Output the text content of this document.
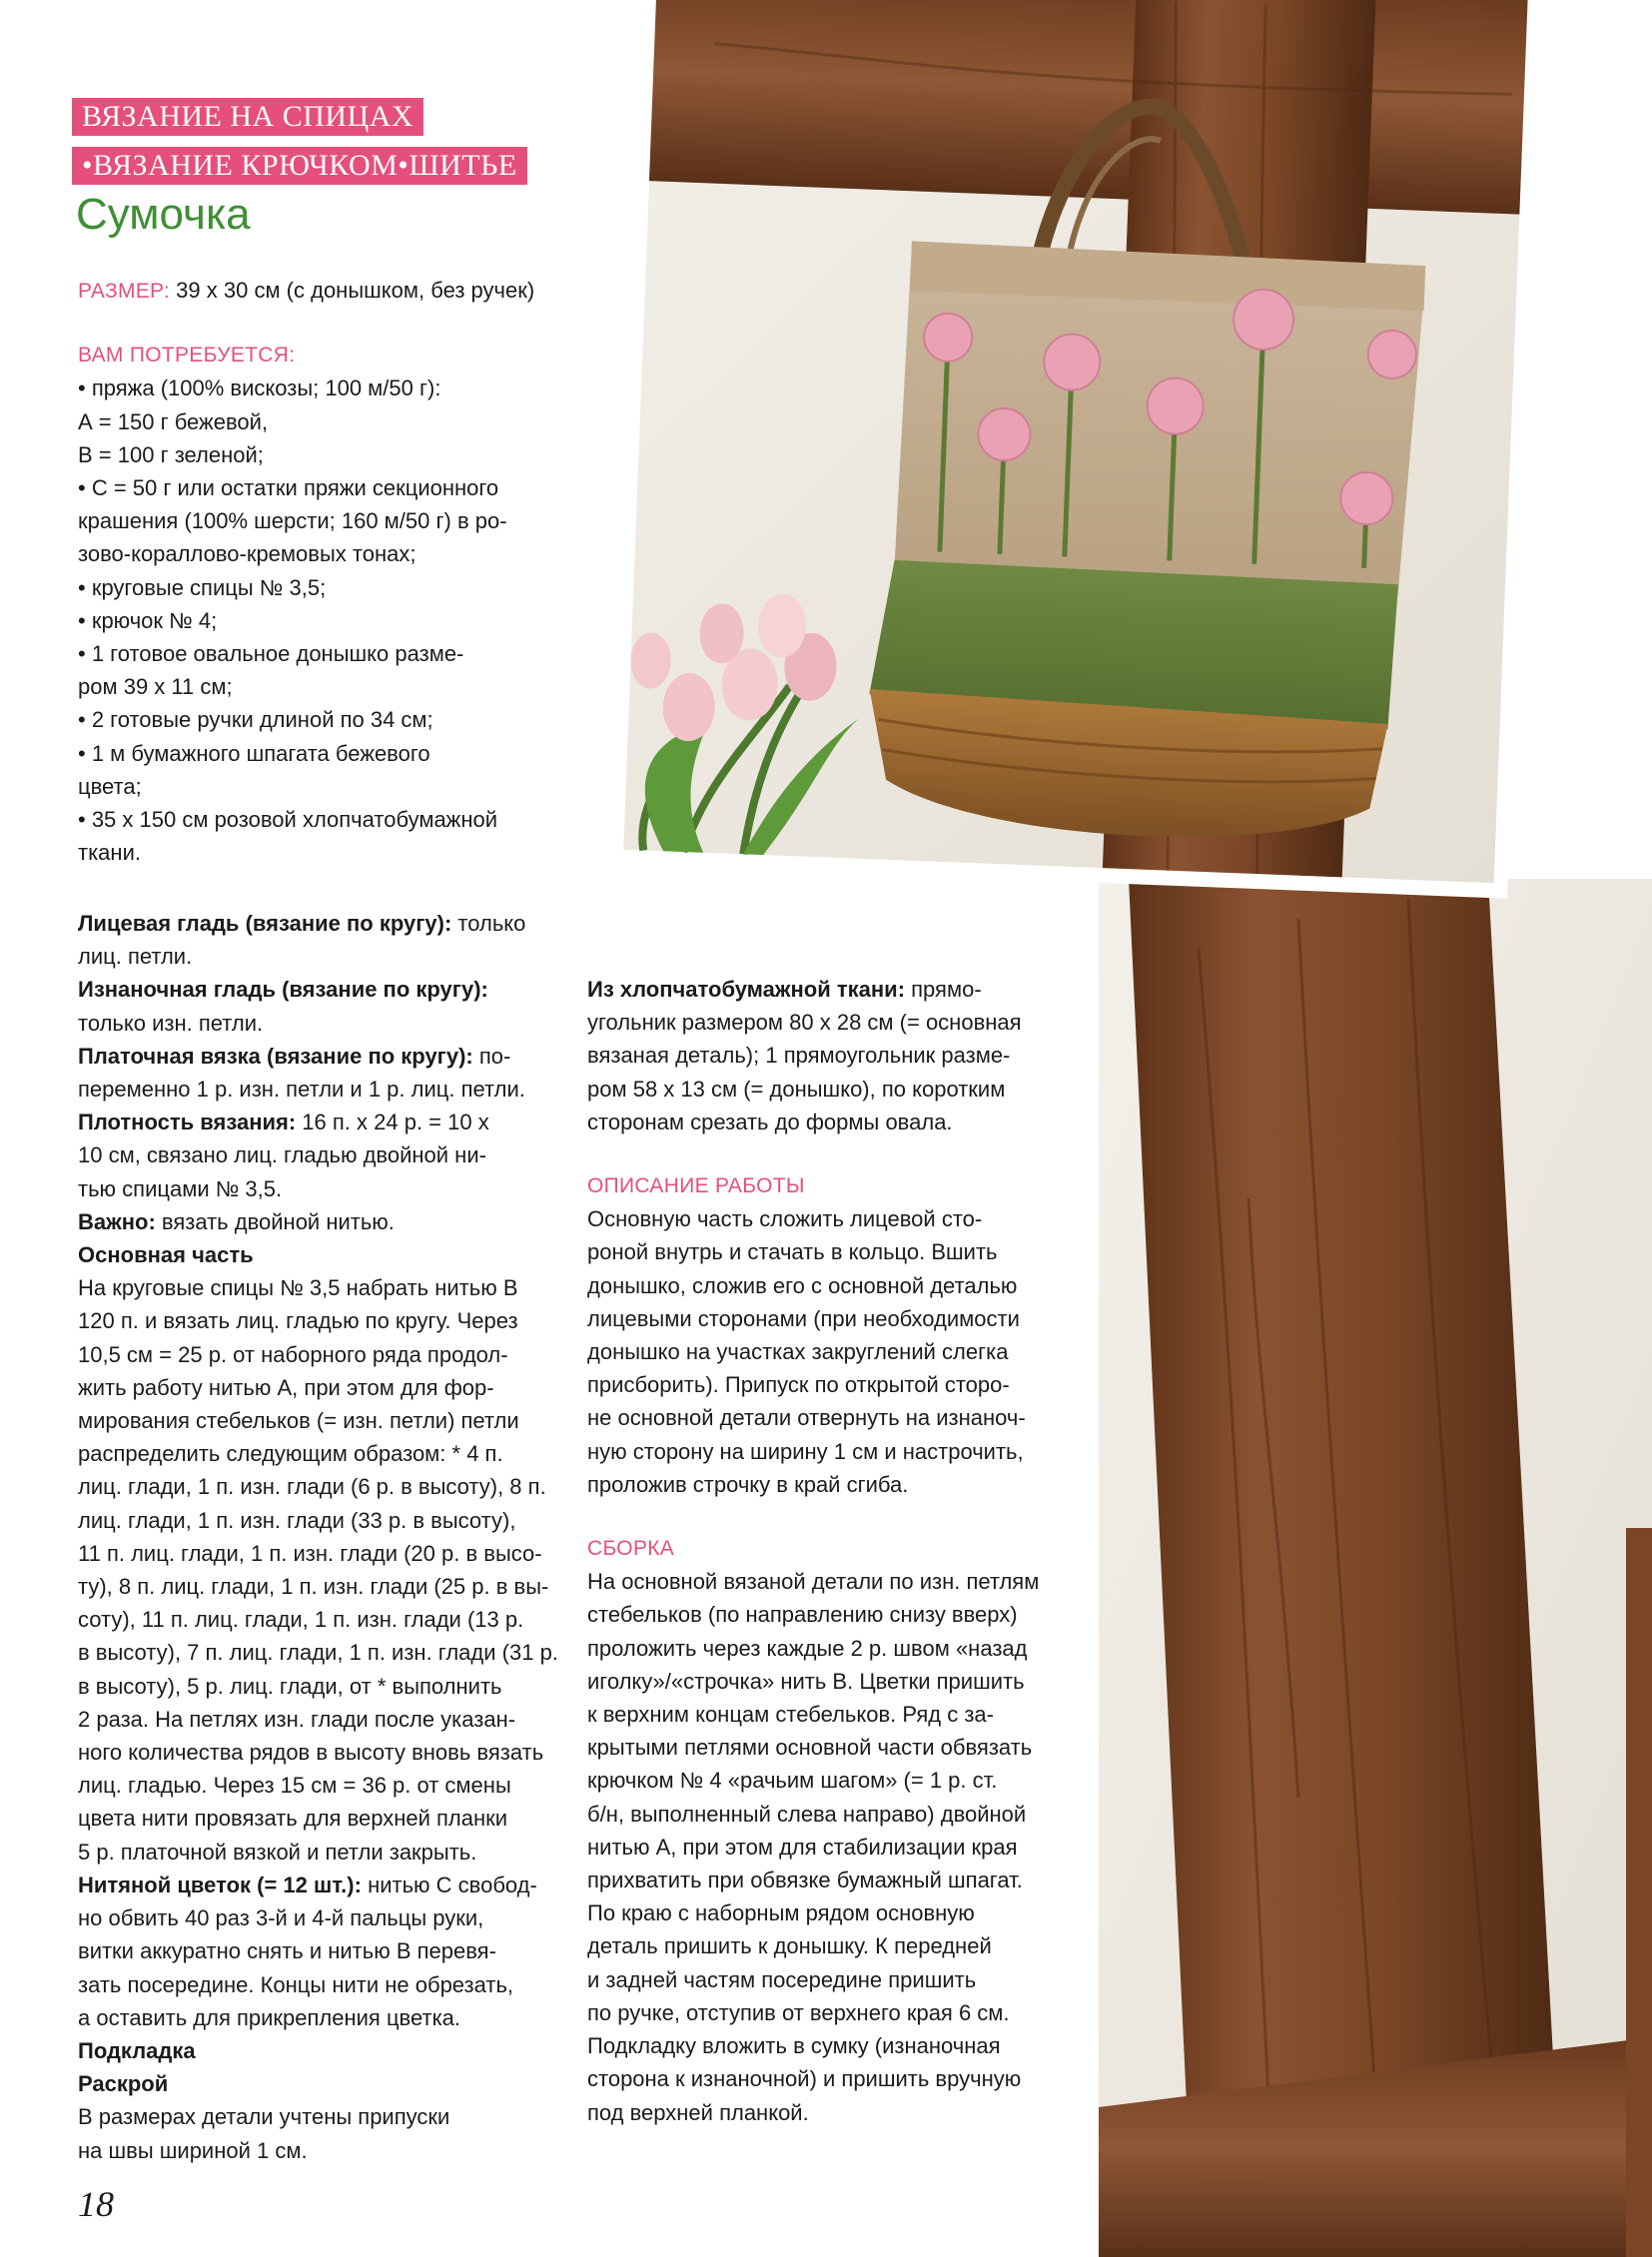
ВЯЗАНИЕ НА СПИЦАХ
•ВЯЗАНИЕ КРЮЧКОМ•ШИТЬЕ
Сумочка

РАЗМЕР: 39 х 30 см (с донышком, без ручек)

ВАМ ПОТРЕБУЕТСЯ:

• пряжа (100% вискозы; 100 м/50 г):

А = 150 г бежевой,

В = 100 г зеленой;

• С = 50 г или остатки пряжи секционного

крашения (100% шерсти; 160 м/50 г) в ро-

зово-кораллово-кремовых тонах;

• круговые спицы № 3,5;

• крючок № 4;

• 1 готовое овальное донышко разме-

ром 39 х 11 см;

• 2 готовые ручки длиной по 34 см;

• 1 м бумажного шпагата бежевого

цвета;

• 35 х 150 см розовой хлопчатобумажной

ткани.

Лицевая гладь (вязание по кругу): только

лиц. петли.

Изнаночная гладь (вязание по кругу):

только изн. петли.

Платочная вязка (вязание по кругу): по-

переменно 1 р. изн. петли и 1 р. лиц. петли.

Плотность вязания: 16 п. х 24 р. = 10 х

10 см, связано лиц. гладью двойной ни-

тью спицами № 3,5.

Важно: вязать двойной нитью.

Основная часть

На круговые спицы № 3,5 набрать нитью В

120 п. и вязать лиц. гладью по кругу. Через

10,5 см = 25 р. от наборного ряда продол-

жить работу нитью А, при этом для фор-

мирования стебельков (= изн. петли) петли

распределить следующим образом: * 4 п.

лиц. глади, 1 п. изн. глади (6 р. в высоту), 8 п.

лиц. глади, 1 п. изн. глади (33 р. в высоту),

11 п. лиц. глади, 1 п. изн. глади (20 р. в высо-

ту), 8 п. лиц. глади, 1 п. изн. глади (25 р. в вы-

соту), 11 п. лиц. глади, 1 п. изн. глади (13 р.

в высоту), 7 п. лиц. глади, 1 п. изн. глади (31 р.

в высоту), 5 р. лиц. глади, от * выполнить

2 раза. На петлях изн. глади после указан-

ного количества рядов в высоту вновь вязать

лиц. гладью. Через 15 см = 36 р. от смены

цвета нити провязать для верхней планки

5 р. платочной вязкой и петли закрыть.

Нитяной цветок (= 12 шт.): нитью С свобод-

но обвить 40 раз 3-й и 4-й пальцы руки,

витки аккуратно снять и нитью В перевя-

зать посередине. Концы нити не обрезать,

а оставить для прикрепления цветка.

Подкладка

Раскрой

В размерах детали учтены припуски

на швы шириной 1 см.

Из хлопчатобумажной ткани: прямо-

угольник размером 80 х 28 см (= основная

вязаная деталь); 1 прямоугольник разме-

ром 58 х 13 см (= донышко), по коротким

сторонам срезать до формы овала.

ОПИСАНИЕ РАБОТЫ

Основную часть сложить лицевой сто-

роной внутрь и стачать в кольцо. Вшить

донышко, сложив его с основной деталью

лицевыми сторонами (при необходимости

донышко на участках закруглений слегка

присборить). Припуск по открытой сторо-

не основной детали отвернуть на изнаноч-

ную сторону на ширину 1 см и настрочить,

проложив строчку в край сгиба.

СБОРКА

На основной вязаной детали по изн. петлям

стебельков (по направлению снизу вверх)

проложить через каждые 2 р. швом «назад

иголку»/«строчка» нить В. Цветки пришить

к верхним концам стебельков. Ряд с за-

крытыми петлями основной части обвязать

крючком № 4 «рачьим шагом» (= 1 р. ст.

б/н, выполненный слева направо) двойной

нитью А, при этом для стабилизации края

прихватить при обвязке бумажный шпагат.

По краю с наборным рядом основную

деталь пришить к донышку. К передней

и задней частям посередине пришить

по ручке, отступив от верхнего края 6 см.

Подкладку вложить в сумку (изнаночная

сторона к изнаночной) и пришить вручную

под верхней планкой.

18
